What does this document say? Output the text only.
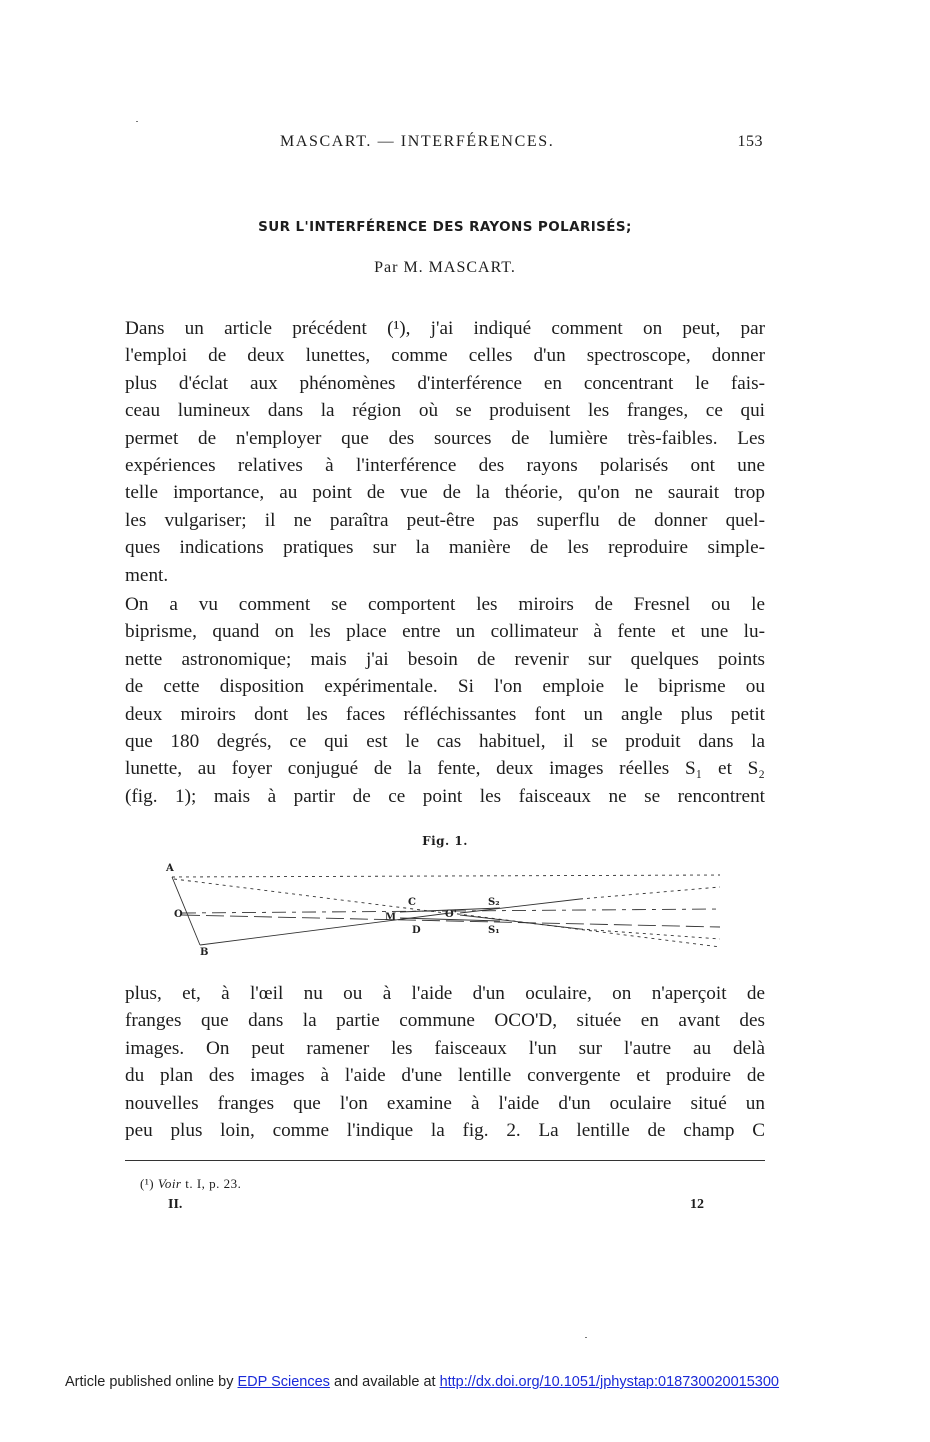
MASCART. — INTERFÉRENCES.	153
SUR L'INTERFÉRENCE DES RAYONS POLARISÉS;
Par M. MASCART.
Dans un article précédent (¹), j'ai indiqué comment on peut, par
l'emploi de deux lunettes, comme celles d'un spectroscope, donner
plus d'éclat aux phénomènes d'interférence en concentrant le fais-
ceau lumineux dans la région où se produisent les franges, ce qui
permet de n'employer que des sources de lumière très-faibles. Les
expériences relatives à l'interférence des rayons polarisés ont une
telle importance, au point de vue de la théorie, qu'on ne saurait trop
les vulgariser; il ne paraîtra peut-être pas superflu de donner quel-
ques indications pratiques sur la manière de les reproduire simple-
ment.
On a vu comment se comportent les miroirs de Fresnel ou le
biprisme, quand on les place entre un collimateur à fente et une lu-
nette astronomique; mais j'ai besoin de revenir sur quelques points
de cette disposition expérimentale. Si l'on emploie le biprisme ou
deux miroirs dont les faces réfléchissantes font un angle plus petit
que 180 degrés, ce qui est le cas habituel, il se produit dans la
lunette, au foyer conjugué de la fente, deux images réelles S₁ et S₂
(fig. 1); mais à partir de ce point les faisceaux ne se rencontrent
Fig. 1.
A
O
B
M
C
D
O'
S₂
S₁
plus, et, à l'œil nu ou à l'aide d'un oculaire, on n'aperçoit de
franges que dans la partie commune OCO'D, située en avant des
images. On peut ramener les faisceaux l'un sur l'autre au delà
du plan des images à l'aide d'une lentille convergente et produire de
nouvelles franges que l'on examine à l'aide d'un oculaire situé un
peu plus loin, comme l'indique la fig. 2. La lentille de champ C
(¹) Voir t. I, p. 23.
II.	12
Article published online by EDP Sciences and available at http://dx.doi.org/10.1051/jphystap:018730020015300
